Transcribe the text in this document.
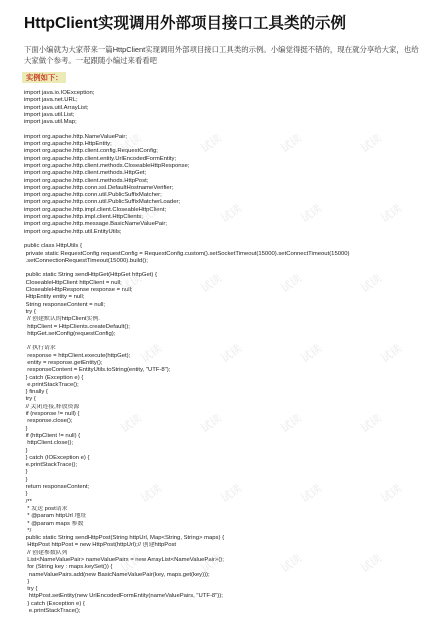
HttpClient实现调用外部项目接口工具类的示例
下面小编就为大家带来一篇HttpClient实现调用外部项目接口工具类的示例。小编觉得挺不错的，现在就分享给大家，也给大家做个参考。一起跟随小编过来看看吧
实例如下：
import java.io.IOException;
import java.net.URL;
import java.util.ArrayList;
import java.util.List;
import java.util.Map;
import org.apache.http.NameValuePair;
import org.apache.http.HttpEntity;
import org.apache.http.client.config.RequestConfig;
import org.apache.http.client.entity.UrlEncodedFormEntity;
import org.apache.http.client.methods.CloseableHttpResponse;
import org.apache.http.client.methods.HttpGet;
import org.apache.http.client.methods.HttpPost;
import org.apache.http.conn.ssl.DefaultHostnameVerifier;
import org.apache.http.conn.util.PublicSuffixMatcher;
import org.apache.http.conn.util.PublicSuffixMatcherLoader;
import org.apache.http.impl.client.CloseableHttpClient;
import org.apache.http.impl.client.HttpClients;
import org.apache.http.message.BasicNameValuePair;
import org.apache.http.util.EntityUtils;
public class HttpUtils {
private static RequestConfig requestConfig = RequestConfig.custom().setSocketTimeout(15000).setConnectTimeout(15000)
.setConnectionRequestTimeout(15000).build();
public static String sendHttpGet(HttpGet httpGet) {
CloseableHttpClient httpClient = null;
CloseableHttpResponse response = null;
HttpEntity entity = null;
String responseContent = null;
try {
// 创建默认的httpClient实例.
httpClient = HttpClients.createDefault();
httpGet.setConfig(requestConfig);
// 执行请求
response = httpClient.execute(httpGet);
entity = response.getEntity();
responseContent = EntityUtils.toString(entity, "UTF-8");
} catch (Exception e) {
e.printStackTrace();
} finally {
try {
// 关闭连接,释放资源
if (response != null) {
response.close();
}
if (httpClient != null) {
httpClient.close();
}
} catch (IOException e) {
e.printStackTrace();
}
}
return responseContent;
}
/**
* 发送 post请求
* @param httpUrl 地址
* @param maps 参数
*/
public static String sendHttpPost(String httpUrl, Map<String, String> maps) {
HttpPost httpPost = new HttpPost(httpUrl);// 创建httpPost
// 创建参数队列
List<NameValuePair> nameValuePairs = new ArrayList<NameValuePair>();
for (String key : maps.keySet()) {
nameValuePairs.add(new BasicNameValuePair(key, maps.get(key)));
}
try {
httpPost.setEntity(new UrlEncodedFormEntity(nameValuePairs, "UTF-8"));
} catch (Exception e) {
e.printStackTrace();
试读	试读	试读	试读
试读	试读	试读	试读
试读	试读	试读	试读
试读	试读	试读	试读
试读	试读	试读	试读
试读	试读	试读	试读
试读	试读	试读	试读
